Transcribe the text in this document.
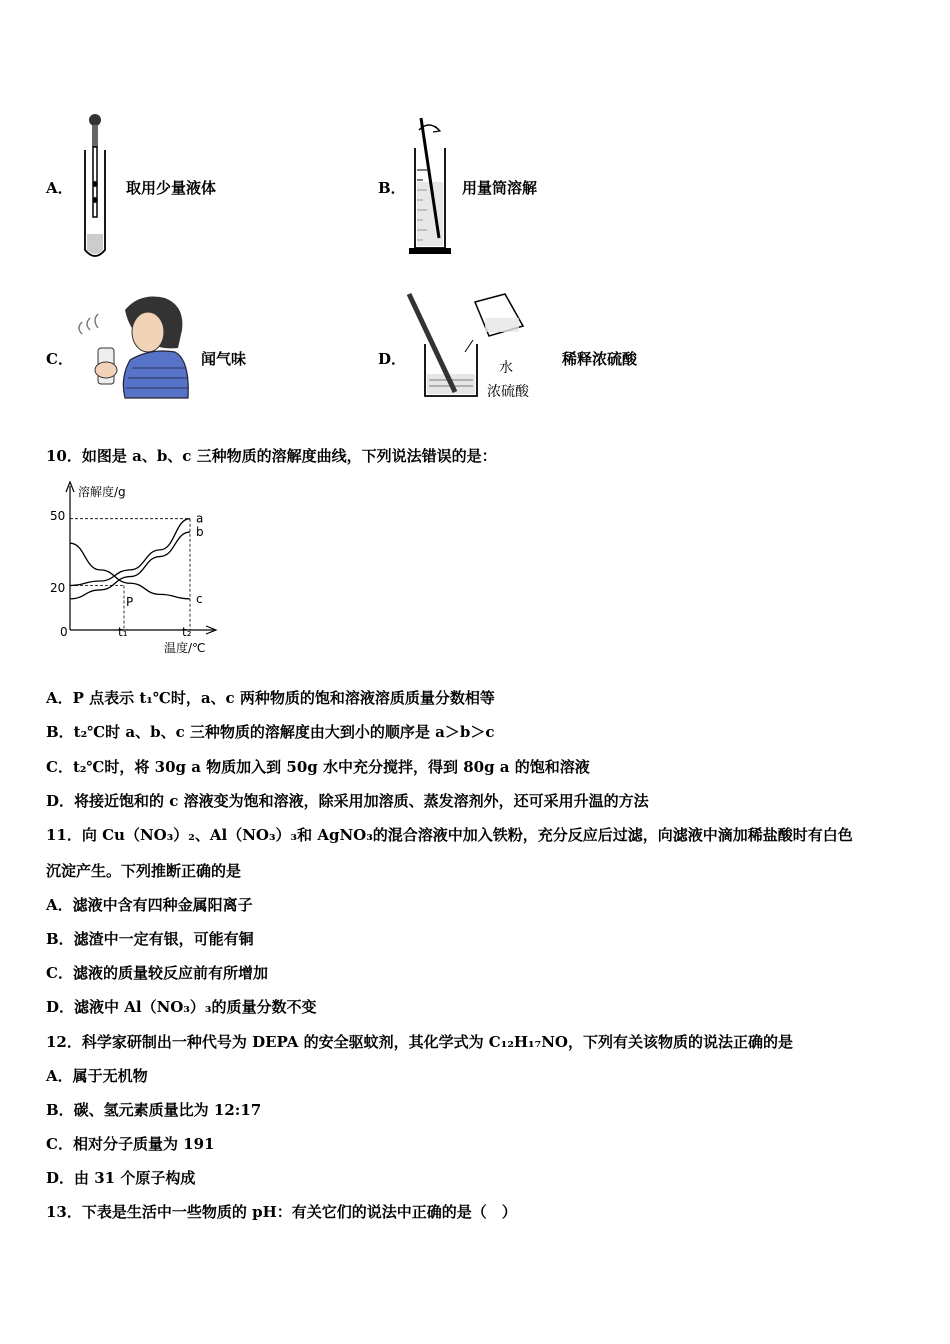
A．	取用少量液体	B．	用量筒溶解
C．	闻气味	D．	水
浓硫酸
稀释浓硫酸
10．如图是 a、b、c 三种物质的溶解度曲线，下列说法错误的是：
溶解度/g
温度/℃
50
20
0	t₁	t₂
P
a
b
c
A．P 点表示 t₁℃时，a、c 两种物质的饱和溶液溶质质量分数相等
B．t₂℃时 a、b、c 三种物质的溶解度由大到小的顺序是 a＞b＞c
C．t₂℃时，将 30g a 物质加入到 50g 水中充分搅拌，得到 80g a 的饱和溶液
D．将接近饱和的 c 溶液变为饱和溶液，除采用加溶质、蒸发溶剂外，还可采用升温的方法
11．向 Cu（NO₃）₂、Al（NO₃）₃和 AgNO₃的混合溶液中加入铁粉，充分反应后过滤，向滤液中滴加稀盐酸时有白色
沉淀产生。下列推断正确的是
A．滤液中含有四种金属阳离子
B．滤渣中一定有银，可能有铜
C．滤液的质量较反应前有所增加
D．滤液中 Al（NO₃）₃的质量分数不变
12．科学家研制出一种代号为 DEPA 的安全驱蚊剂，其化学式为 C₁₂H₁₇NO，下列有关该物质的说法正确的是
A．属于无机物
B．碳、氢元素质量比为 12:17
C．相对分子质量为 191
D．由 31 个原子构成
13．下表是生活中一些物质的 pH：有关它们的说法中正确的是（　）
